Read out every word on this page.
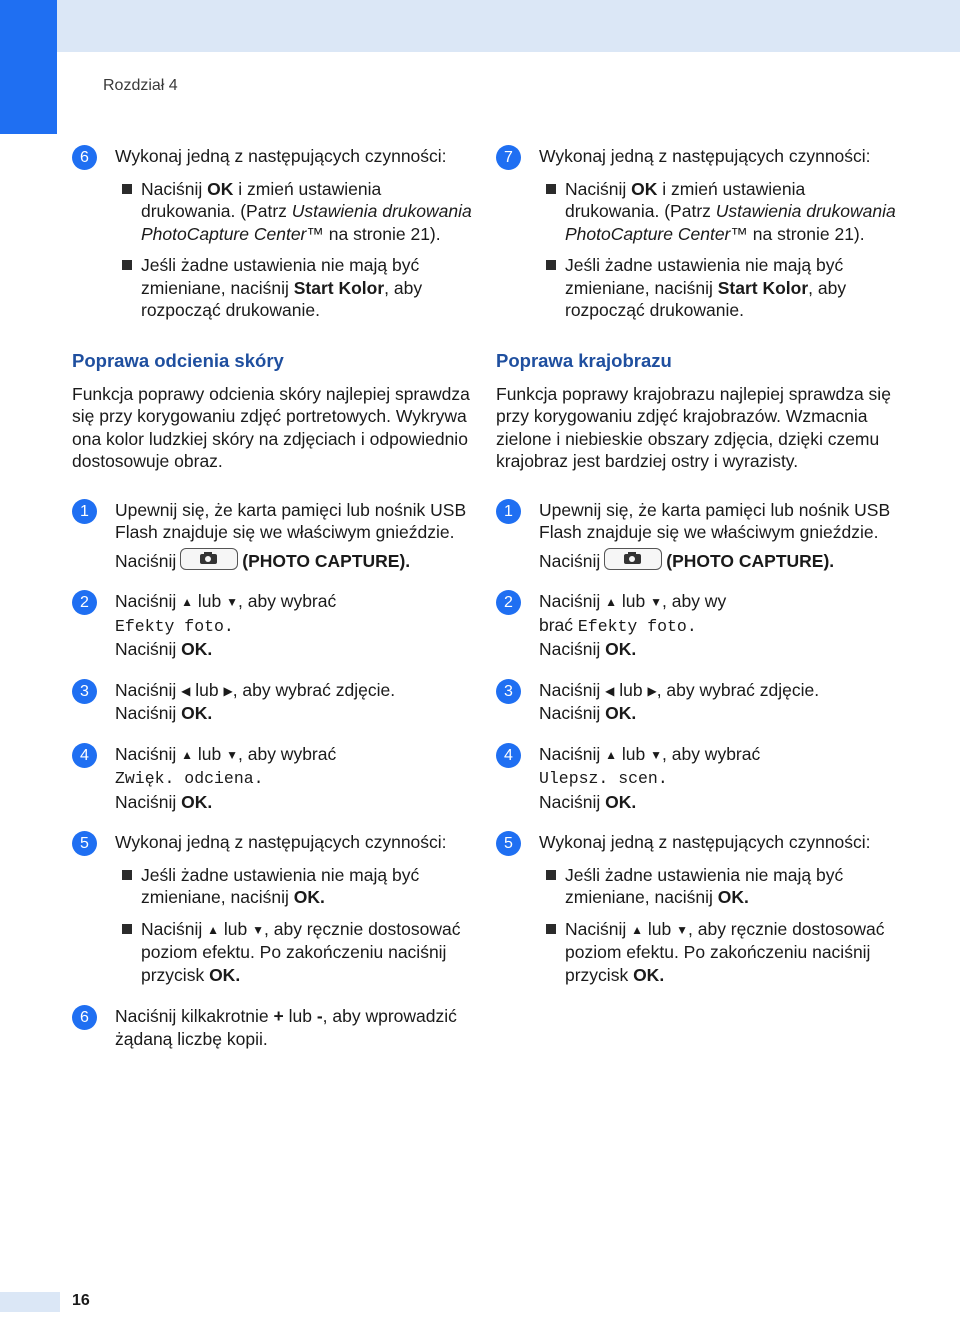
Rozdział 4
6	Wykonaj jedną z następujących czynności:

Naciśnij OK i zmień ustawienia drukowania. (Patrz Ustawienia drukowania PhotoCapture Center™ na stronie 21).
Jeśli żadne ustawienia nie mają być zmieniane, naciśnij Start Kolor, aby rozpocząć drukowanie.
Poprawa odcienia skóry

Funkcja poprawy odcienia skóry najlepiej sprawdza się przy korygowaniu zdjęć portretowych. Wykrywa ona kolor ludzkiej skóry na zdjęciach i odpowiednio dostosowuje obraz.

1	Upewnij się, że karta pamięci lub nośnik USB Flash znajduje się we właściwym gnieździe.

Naciśnij	(PHOTO CAPTURE).

2	Naciśnij ▲ lub ▼, aby wybrać
Efekty foto.
Naciśnij OK.

3	Naciśnij ◀ lub ▶, aby wybrać zdjęcie.
Naciśnij OK.

4	Naciśnij ▲ lub ▼, aby wybrać
Zwięk. odciena.
Naciśnij OK.

5	Wykonaj jedną z następujących czynności:

Jeśli żadne ustawienia nie mają być zmieniane, naciśnij OK.
Naciśnij ▲ lub ▼, aby ręcznie dostosować poziom efektu. Po zakończeniu naciśnij przycisk OK.
6	Naciśnij kilkakrotnie + lub -, aby wprowadzić żądaną liczbę kopii.

7	Wykonaj jedną z następujących czynności:

Naciśnij OK i zmień ustawienia drukowania. (Patrz Ustawienia drukowania PhotoCapture Center™ na stronie 21).
Jeśli żadne ustawienia nie mają być zmieniane, naciśnij Start Kolor, aby rozpocząć drukowanie.
Poprawa krajobrazu

Funkcja poprawy krajobrazu najlepiej sprawdza się przy korygowaniu zdjęć krajobrazów. Wzmacnia zielone i niebieskie obszary zdjęcia, dzięki czemu krajobraz jest bardziej ostry i wyrazisty.

1	Upewnij się, że karta pamięci lub nośnik USB Flash znajduje się we właściwym gnieździe.

Naciśnij	(PHOTO CAPTURE).

2	Naciśnij ▲ lub ▼, aby wy
brać Efekty foto.
Naciśnij OK.

3	Naciśnij ◀ lub ▶, aby wybrać zdjęcie.
Naciśnij OK.

4	Naciśnij ▲ lub ▼, aby wybrać
Ulepsz. scen.
Naciśnij OK.

5	Wykonaj jedną z następujących czynności:

Jeśli żadne ustawienia nie mają być zmieniane, naciśnij OK.
Naciśnij ▲ lub ▼, aby ręcznie dostosować poziom efektu. Po zakończeniu naciśnij przycisk OK.
16
